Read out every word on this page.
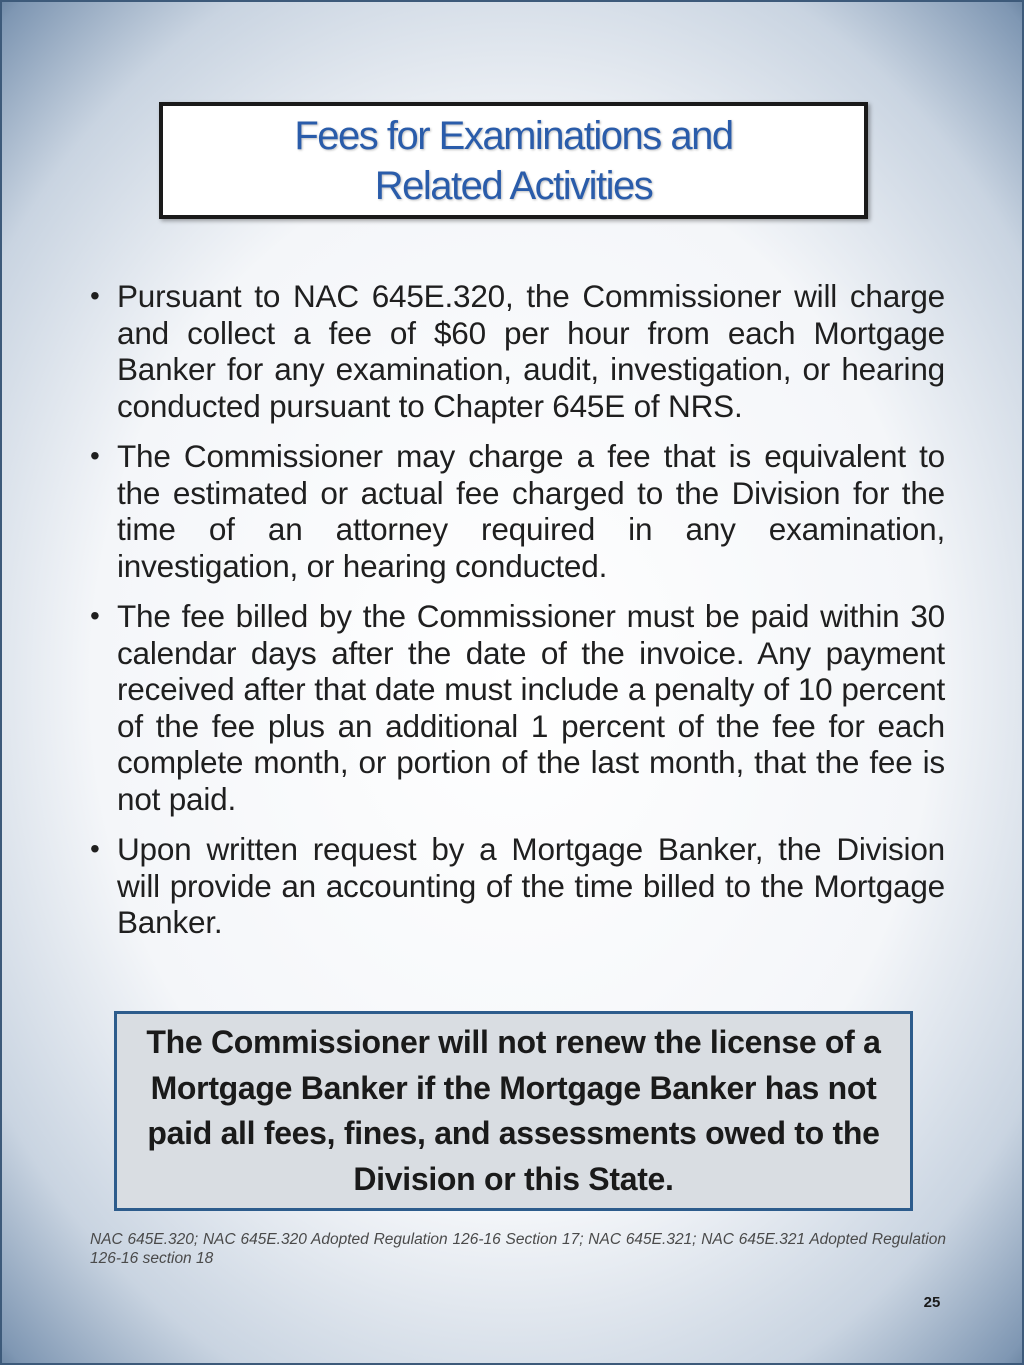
Fees for Examinations and
Related Activities
• Pursuant to NAC 645E.320, the Commissioner will charge and collect a fee of $60 per hour from each Mortgage Banker for any examination, audit, investigation, or hearing conducted pursuant to Chapter 645E of NRS.
• The Commissioner may charge a fee that is equivalent to the estimated or actual fee charged to the Division for the time of an attorney required in any examination, investigation, or hearing conducted.
• The fee billed by the Commissioner must be paid within 30 calendar days after the date of the invoice. Any payment received after that date must include a penalty of 10 percent of the fee plus an additional 1 percent of the fee for each complete month, or portion of the last month, that the fee is not paid.
• Upon written request by a Mortgage Banker, the Division will provide an accounting of the time billed to the Mortgage Banker.
The Commissioner will not renew the license of a Mortgage Banker if the Mortgage Banker has not paid all fees, fines, and assessments owed to the Division or this State.
NAC 645E.320; NAC 645E.320 Adopted Regulation 126-16 Section 17; NAC 645E.321; NAC 645E.321 Adopted Regulation 126-16 section 18
25
